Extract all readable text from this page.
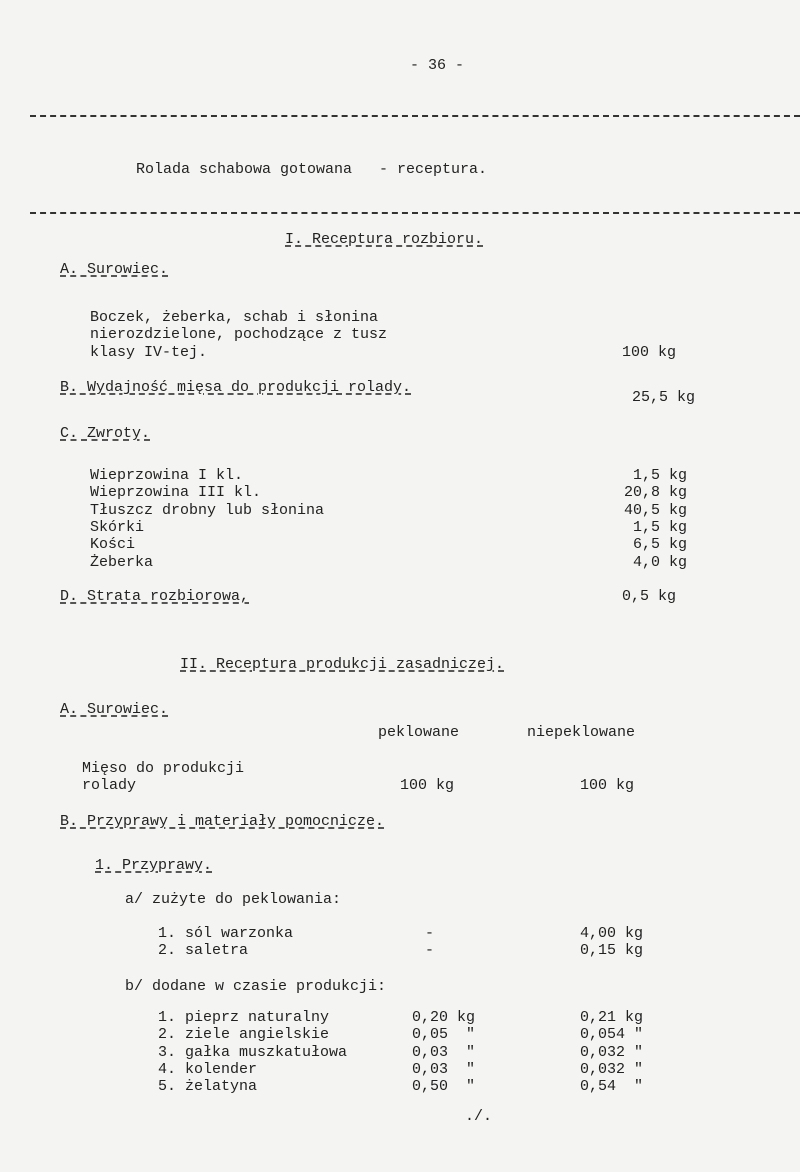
- 36 -
Rolada schabowa gotowana   - receptura.
I. Receptura rozbioru.
A. Surowiec.
Boczek, żeberka, schab i słonina
nierozdzielone, pochodzące z tusz
klasy IV-tej.	100 kg
B. Wydajność mięsa do produkcji rolady.
25,5 kg
C. Zwroty.
Wieprzowina I kl.	1,5 kg
Wieprzowina III kl.	20,8 kg
Tłuszcz drobny lub słonina	40,5 kg
Skórki	1,5 kg
Kości	6,5 kg
Żeberka	4,0 kg
D. Strata rozbiorowa,	0,5 kg
II. Receptura produkcji zasadniczej.
A. Surowiec.
peklowane	niepeklowane
Mięso do produkcji
rolady	100 kg	100 kg
B. Przyprawy i materiały pomocnicze.
1. Przyprawy.
a/ zużyte do peklowania:
1. sól warzonka	-	4,00 kg
2. saletra	-	0,15 kg
b/ dodane w czasie produkcji:
1. pieprz naturalny	0,20 kg	0,21 kg
2. ziele angielskie	0,05  "	0,054 "
3. gałka muszkatułowa	0,03  "	0,032 "
4. kolender	0,03  "	0,032 "
5. żelatyna	0,50  "	0,54  "
./.
